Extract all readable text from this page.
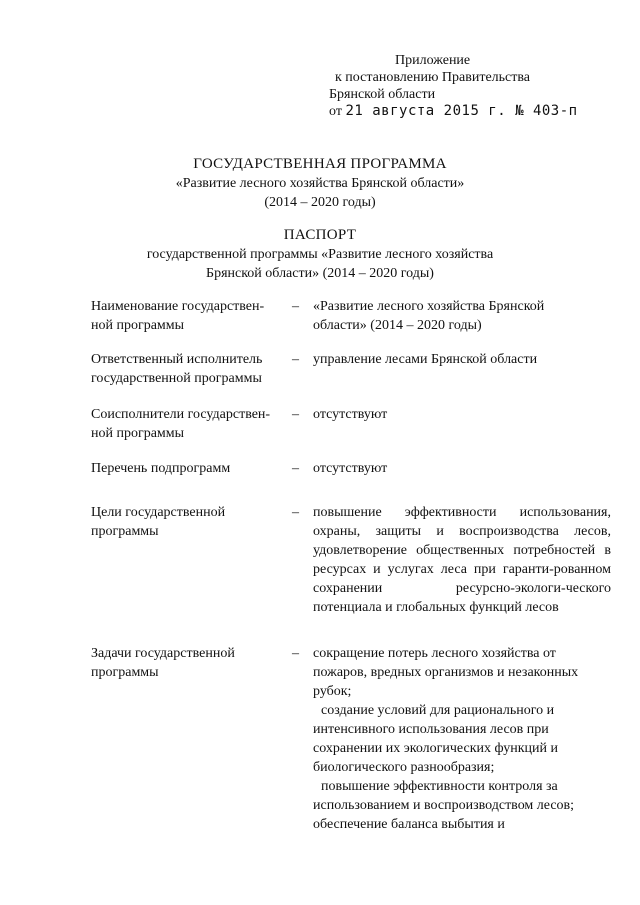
Приложение
к постановлению Правительства
Брянской области
от 21 августа 2015 г. № 403-п
ГОСУДАРСТВЕННАЯ ПРОГРАММА
«Развитие лесного хозяйства Брянской области»
(2014 – 2020 годы)
ПАСПОРТ
государственной программы «Развитие лесного хозяйства
Брянской области» (2014 – 2020 годы)
Наименование государствен-
ной программы
– «Развитие лесного хозяйства Брянской
области» (2014 – 2020 годы)
Ответственный исполнитель
государственной программы
– управление лесами Брянской области
Соисполнители государствен-
ной программы
– отсутствуют
Перечень подпрограмм	– отсутствуют
Цели государственной
программы
– повышение эффективности использования, охраны, защиты и воспроизводства лесов, удовлетворение общественных потребностей в ресурсах и услугах леса при гаранти-рованном сохранении ресурсно-экологи-ческого потенциала и глобальных функций лесов

Задачи государственной
программы
– сокращение потерь лесного хозяйства от
пожаров, вредных организмов и незаконных
рубок;
создание условий для рационального и
интенсивного использования лесов при
сохранении их экологических функций и
биологического разнообразия;
повышение эффективности контроля за
использованием и воспроизводством лесов;
обеспечение баланса выбытия и
